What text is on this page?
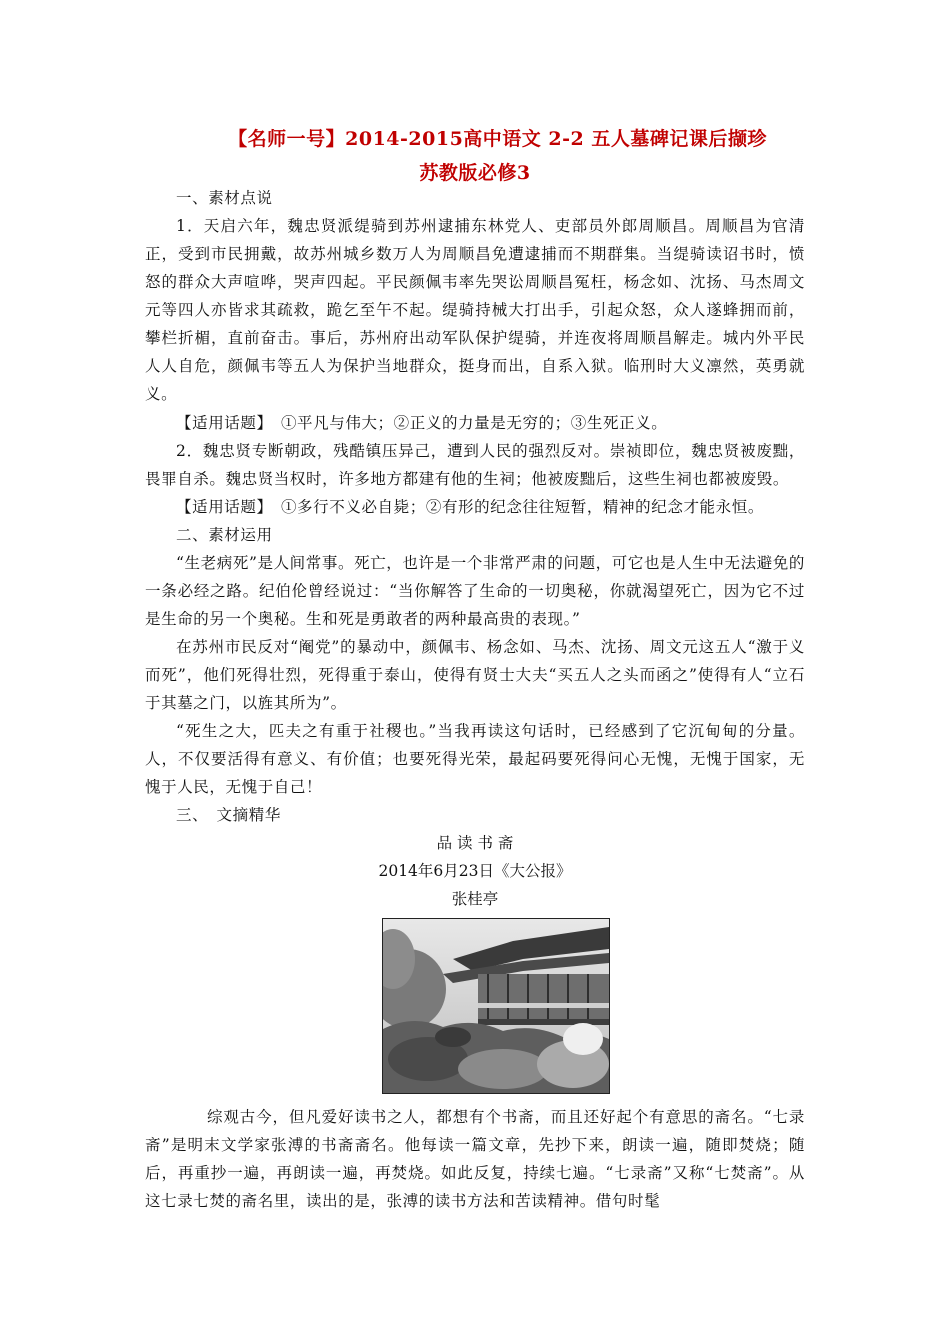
【名师一号】2014-2015高中语文 2-2 五人墓碑记课后撷珍
苏教版必修3
一、素材点说
1．天启六年，魏忠贤派缇骑到苏州逮捕东林党人、吏部员外郎周顺昌。周顺昌为官清正，受到市民拥戴，故苏州城乡数万人为周顺昌免遭逮捕而不期群集。当缇骑读诏书时，愤怒的群众大声喧哗，哭声四起。平民颜佩韦率先哭讼周顺昌冤枉，杨念如、沈扬、马杰周文元等四人亦皆求其疏救，跪乞至午不起。缇骑持械大打出手，引起众怒，众人遂蜂拥而前，攀栏折楣，直前奋击。事后，苏州府出动军队保护缇骑，并连夜将周顺昌解走。城内外平民人人自危，颜佩韦等五人为保护当地群众，挺身而出，自系入狱。临刑时大义凛然，英勇就义。
【适用话题】　①平凡与伟大；②正义的力量是无穷的；③生死正义。
2．魏忠贤专断朝政，残酷镇压异己，遭到人民的强烈反对。崇祯即位，魏忠贤被废黜，畏罪自杀。魏忠贤当权时，许多地方都建有他的生祠；他被废黜后，这些生祠也都被废毁。
【适用话题】　①多行不义必自毙；②有形的纪念往往短暂，精神的纪念才能永恒。
二、素材运用
“生老病死”是人间常事。死亡，也许是一个非常严肃的问题，可它也是人生中无法避免的一条必经之路。纪伯伦曾经说过：“当你解答了生命的一切奥秘，你就渴望死亡，因为它不过是生命的另一个奥秘。生和死是勇敢者的两种最高贵的表现。”
在苏州市民反对“阉党”的暴动中，颜佩韦、杨念如、马杰、沈扬、周文元这五人“激于义而死”，他们死得壮烈，死得重于泰山，使得有贤士大夫“买五人之头而函之”使得有人“立石于其墓之门，以旌其所为”。
“死生之大，匹夫之有重于社稷也。”当我再读这句话时，已经感到了它沉甸甸的分量。人，不仅要活得有意义、有价值；也要死得光荣，最起码要死得问心无愧，无愧于国家，无愧于人民，无愧于自己！
三、　文摘精华
品 读 书 斋
2014年6月23日《大公报》
张桂亭
综观古今，但凡爱好读书之人，都想有个书斋，而且还好起个有意思的斋名。“七录斋”是明末文学家张溥的书斋斋名。他每读一篇文章，先抄下来，朗读一遍，随即焚烧；随后，再重抄一遍，再朗读一遍，再焚烧。如此反复，持续七遍。“七录斋”又称“七焚斋”。从这七录七焚的斋名里，读出的是，张溥的读书方法和苦读精神。借句时髦
